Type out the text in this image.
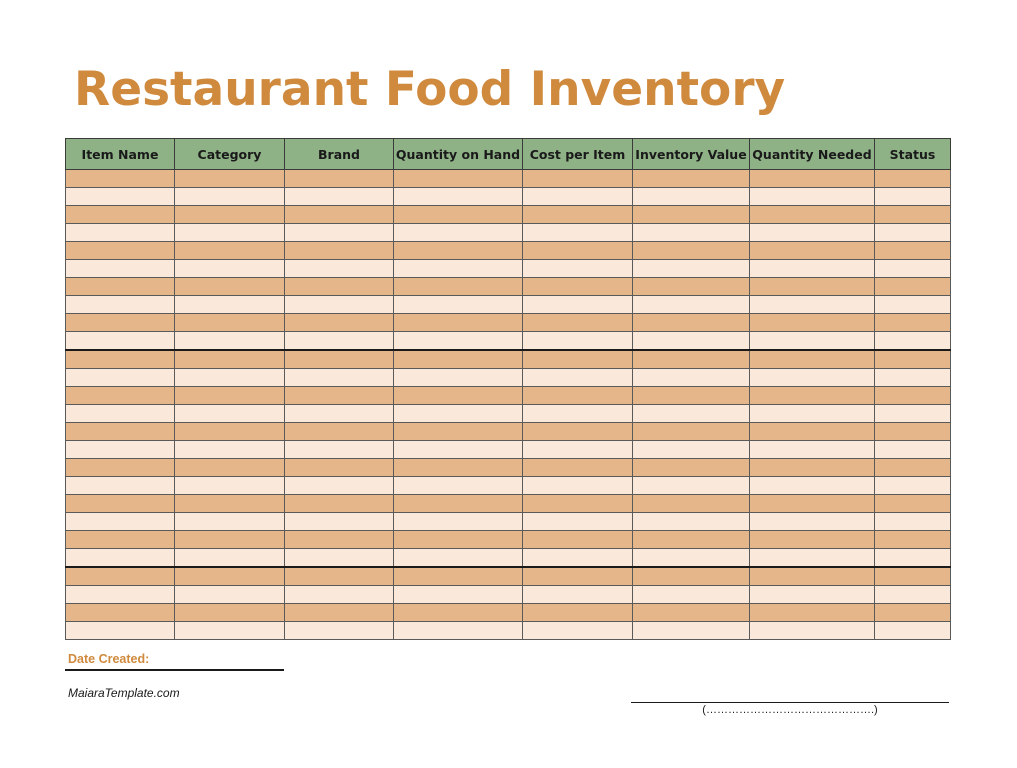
Restaurant Food Inventory
Item Name	Category	Brand	Quantity on Hand	Cost per Item	Inventory Value	Quantity Needed	Status

Date Created:
MaiaraTemplate.com
(……………………………………….)
